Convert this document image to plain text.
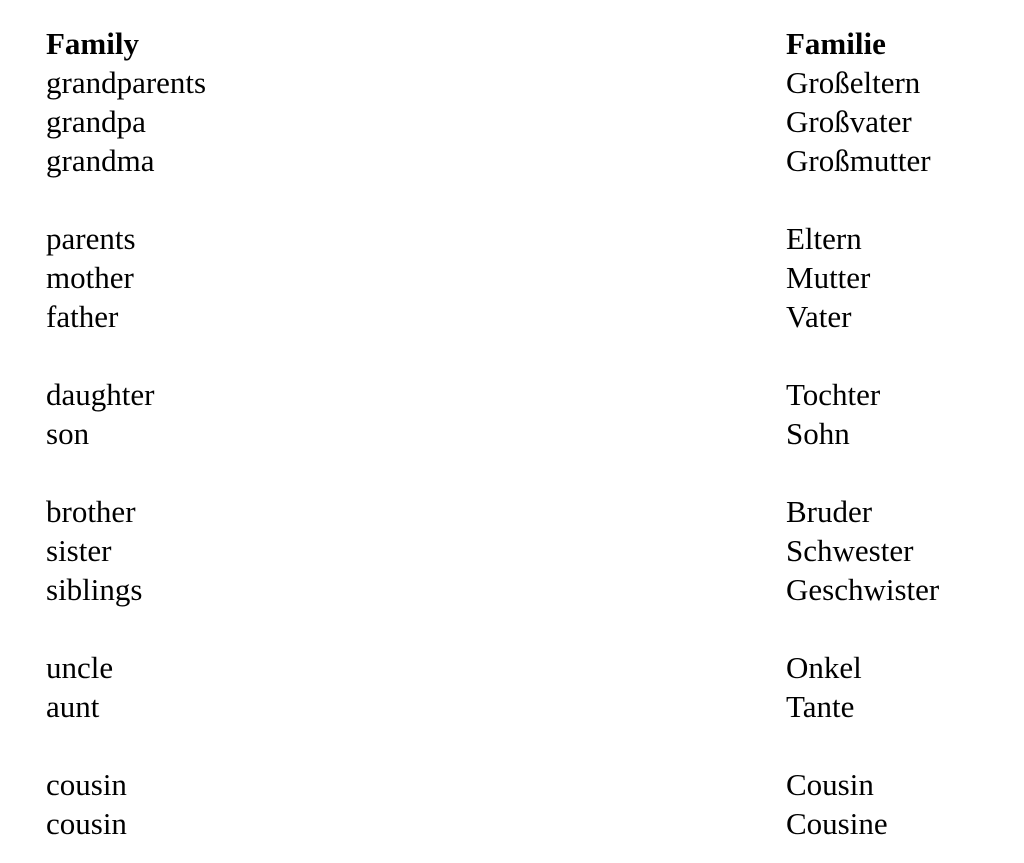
Family	Familie
grandparents	Großeltern
grandpa	Großvater
grandma	Großmutter
parents	Eltern
mother	Mutter
father	Vater
daughter	Tochter
son	Sohn
brother	Bruder
sister	Schwester
siblings	Geschwister
uncle	Onkel
aunt	Tante
cousin	Cousin
cousin	Cousine
